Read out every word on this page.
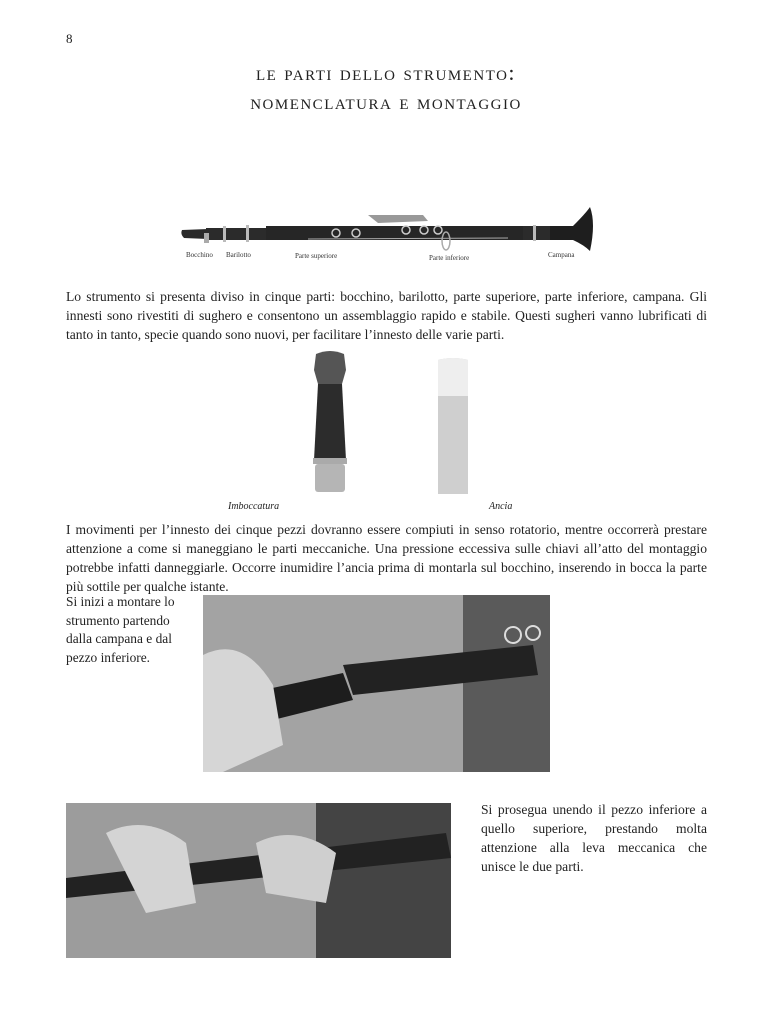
8
le parti dello strumento:
nomenclatura e montaggio
Bocchino Barilotto	Parte superiore	Parte inferiore	Campana

Lo strumento si presenta diviso in cinque parti: bocchino, barilotto, parte superiore, parte inferiore, campana. Gli innesti sono rivestiti di sughero e consentono un assemblaggio rapido e stabile. Questi sugheri vanno lubrificati di tanto in tanto, specie quando sono nuovi, per facilitare l’innesto delle varie parti.

Imboccatura	Ancia

I movimenti per l’innesto dei cinque pezzi dovranno essere compiuti in senso rotatorio, mentre occorrerà prestare attenzione a come si maneggiano le parti meccaniche. Una pressione eccessiva sulle chiavi all’atto del montaggio potrebbe infatti danneggiarle. Occorre inumidire l’ancia prima di montarla sul bocchino, inserendo in bocca la parte più sottile per qualche istante.

Si inizi a montare lo strumento partendo dalla campana e dal pezzo inferiore.

Si prosegua unendo il pezzo inferiore a quello superiore, prestando molta attenzione alla leva meccanica che unisce le due parti.
